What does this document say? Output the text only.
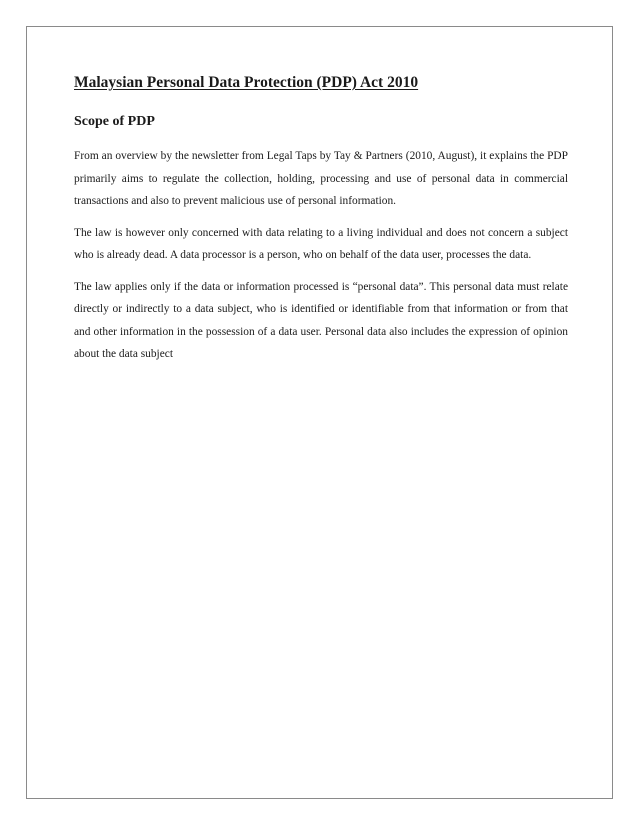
Malaysian Personal Data Protection (PDP) Act 2010
Scope of PDP

From an overview by the newsletter from Legal Taps by Tay & Partners (2010, August), it explains the PDP primarily aims to regulate the collection, holding, processing and use of personal data in commercial transactions and also to prevent malicious use of personal information.

The law is however only concerned with data relating to a living individual and does not concern a subject who is already dead. A data processor is a person, who on behalf of the data user, processes the data.

The law applies only if the data or information processed is “personal data”. This personal data must relate directly or indirectly to a data subject, who is identified or identifiable from that information or from that and other information in the possession of a data user. Personal data also includes the expression of opinion about the data subject
